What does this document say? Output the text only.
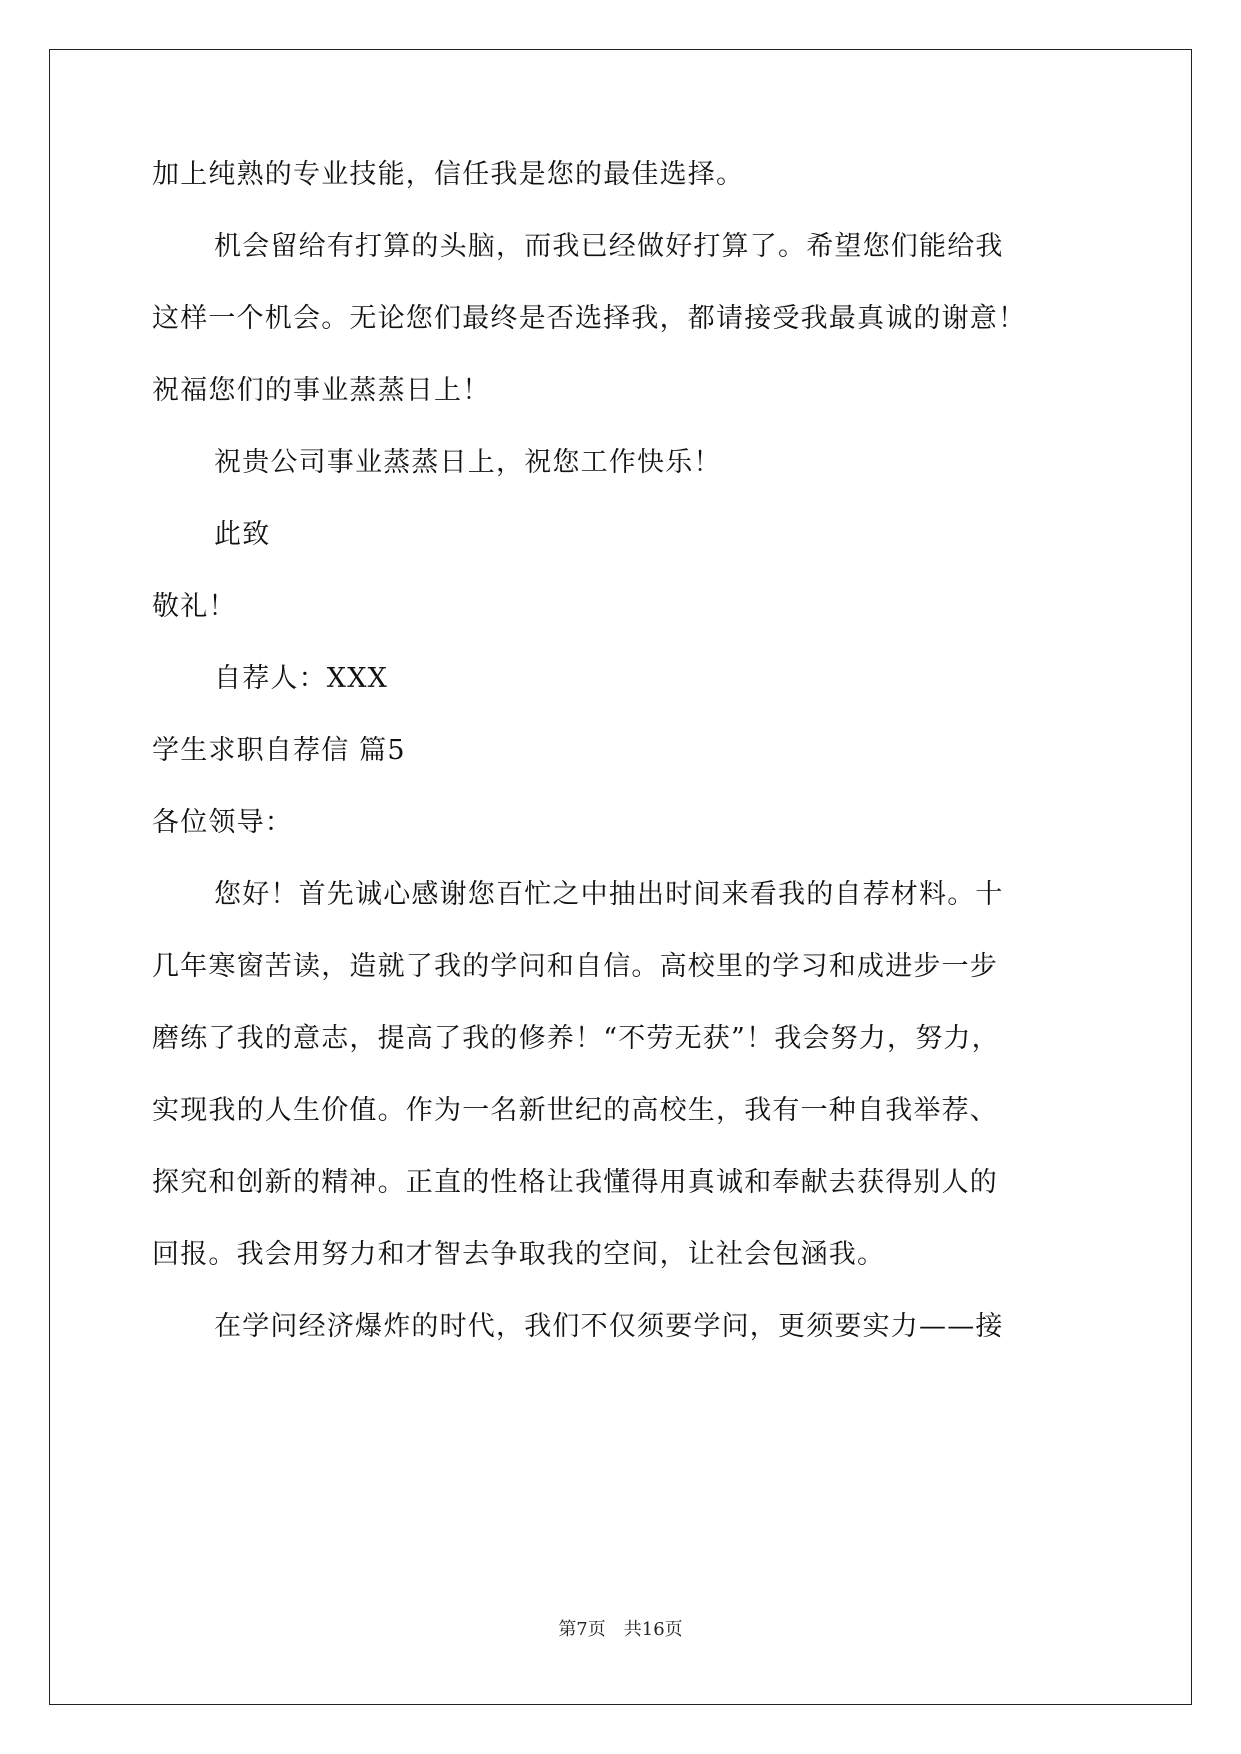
加上纯熟的专业技能，信任我是您的最佳选择。
机会留给有打算的头脑，而我已经做好打算了。希望您们能给我
这样一个机会。无论您们最终是否选择我，都请接受我最真诚的谢意！
祝福您们的事业蒸蒸日上！
祝贵公司事业蒸蒸日上，祝您工作快乐！
此致
敬礼！
自荐人：XXX
学生求职自荐信 篇5
各位领导：
您好！首先诚心感谢您百忙之中抽出时间来看我的自荐材料。十
几年寒窗苦读，造就了我的学问和自信。高校里的学习和成进步一步
磨练了我的意志，提高了我的修养！“不劳无获”！我会努力，努力，
实现我的人生价值。作为一名新世纪的高校生，我有一种自我举荐、
探究和创新的精神。正直的性格让我懂得用真诚和奉献去获得别人的
回报。我会用努力和才智去争取我的空间，让社会包涵我。
在学问经济爆炸的时代，我们不仅须要学问，更须要实力——接
第7页 共16页
